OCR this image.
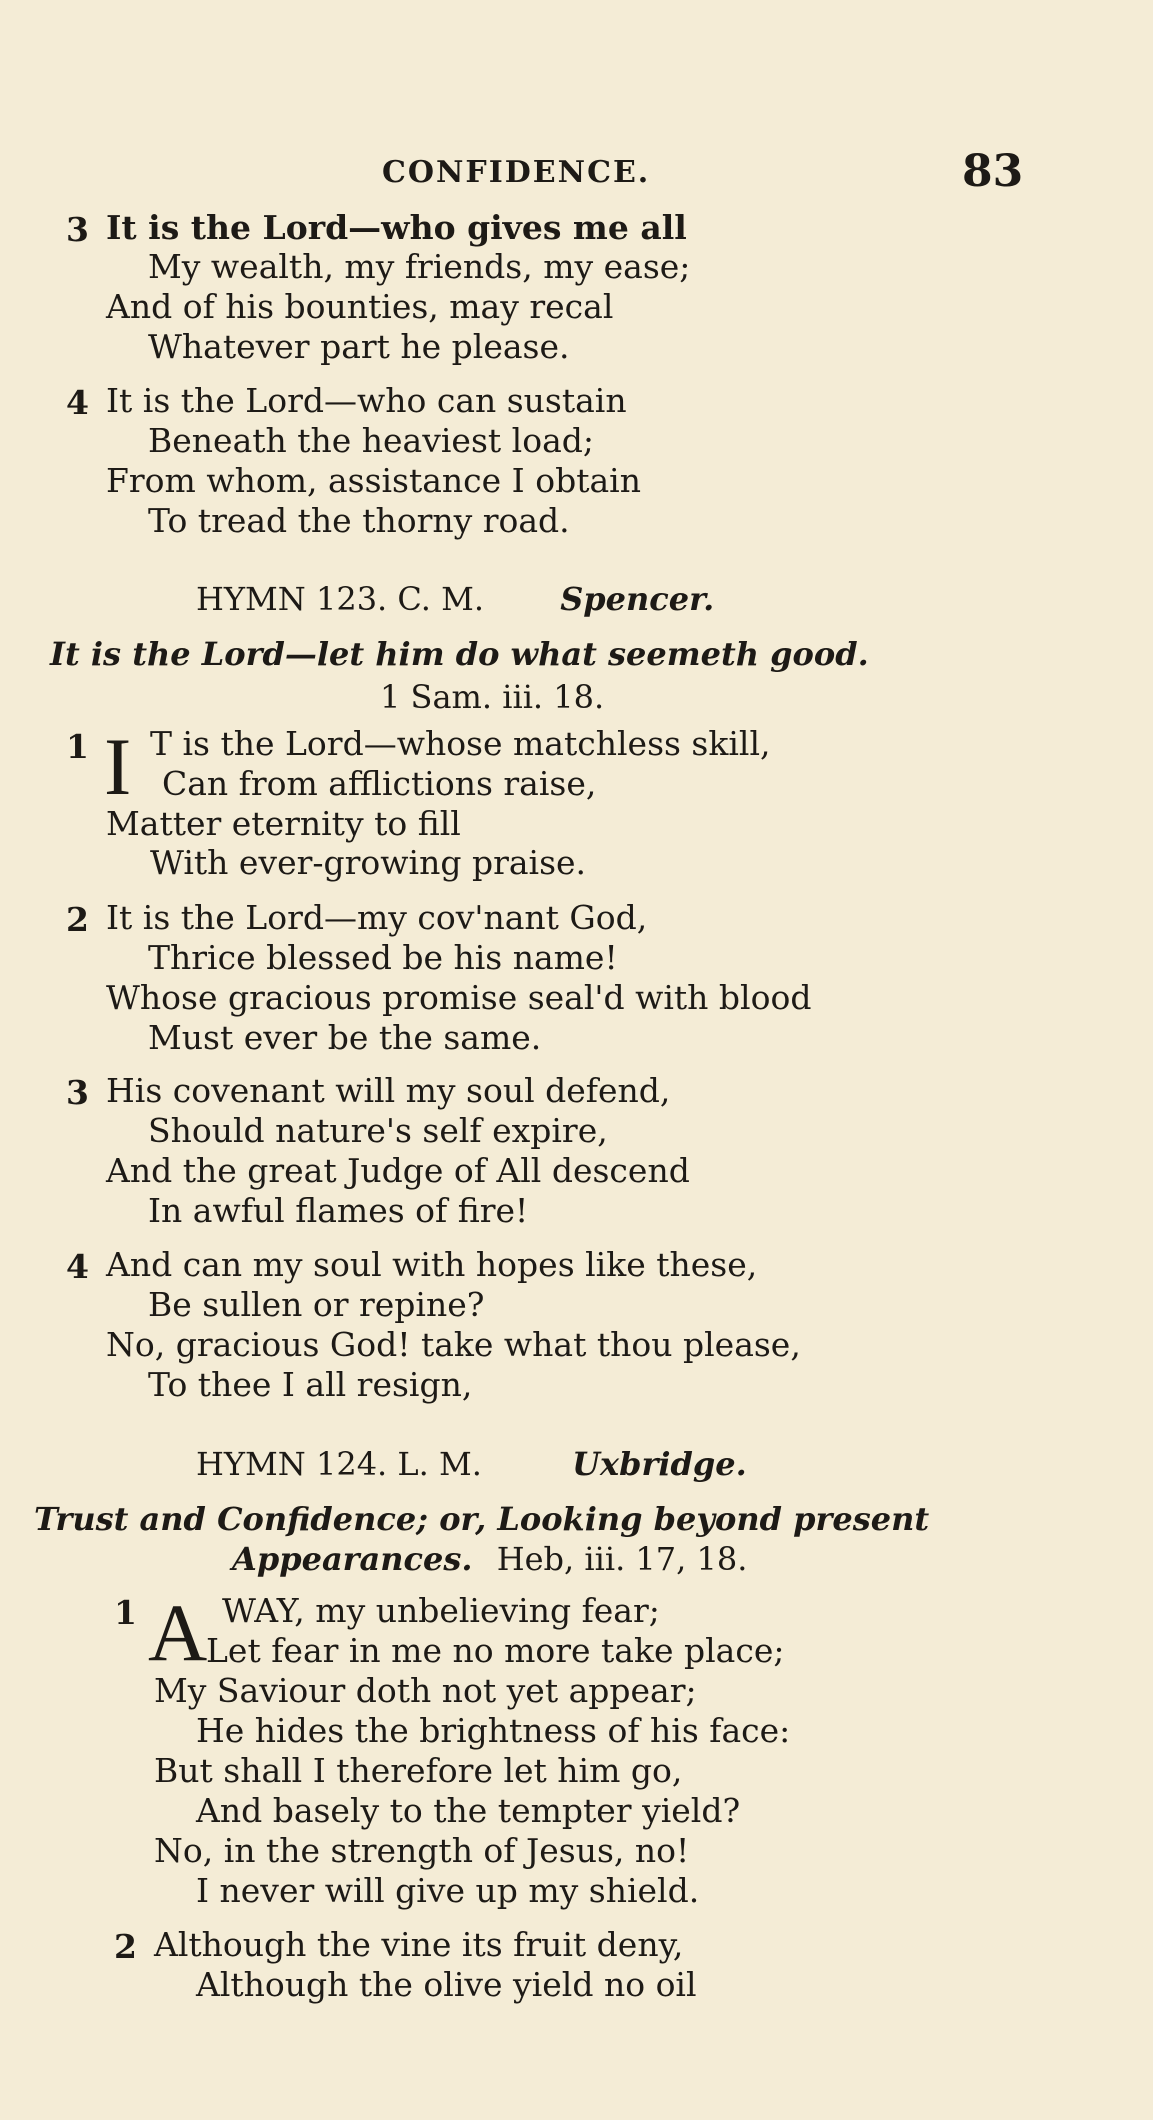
CONFIDENCE.	83
3 It is the Lord—who gives me all
My wealth, my friends, my ease;
And of his bounties, may recal
Whatever part he please.
4 It is the Lord—who can sustain
Beneath the heaviest load;
From whom, assistance I obtain
To tread the thorny road.
HYMN 123. C. M. Spencer.
It is the Lord—let him do what seemeth good.
1 Sam. iii. 18.
1 I T is the Lord—whose matchless skill,
Can from afflictions raise,
Matter eternity to fill
With ever-growing praise.
2 It is the Lord—my cov'nant God,
Thrice blessed be his name!
Whose gracious promise seal'd with blood
Must ever be the same.
3 His covenant will my soul defend,
Should nature's self expire,
And the great Judge of All descend
In awful flames of fire!
4 And can my soul with hopes like these,
Be sullen or repine?
No, gracious God! take what thou please,
To thee I all resign,
HYMN 124. L. M.	Uxbridge.
Trust and Confidence; or, Looking beyond present
Appearances. Heb, iii. 17, 18.
1 A WAY, my unbelieving fear;
Let fear in me no more take place;
My Saviour doth not yet appear;
He hides the brightness of his face:
But shall I therefore let him go,
And basely to the tempter yield?
No, in the strength of Jesus, no!
I never will give up my shield.
2 Although the vine its fruit deny,
Although the olive yield no oil
